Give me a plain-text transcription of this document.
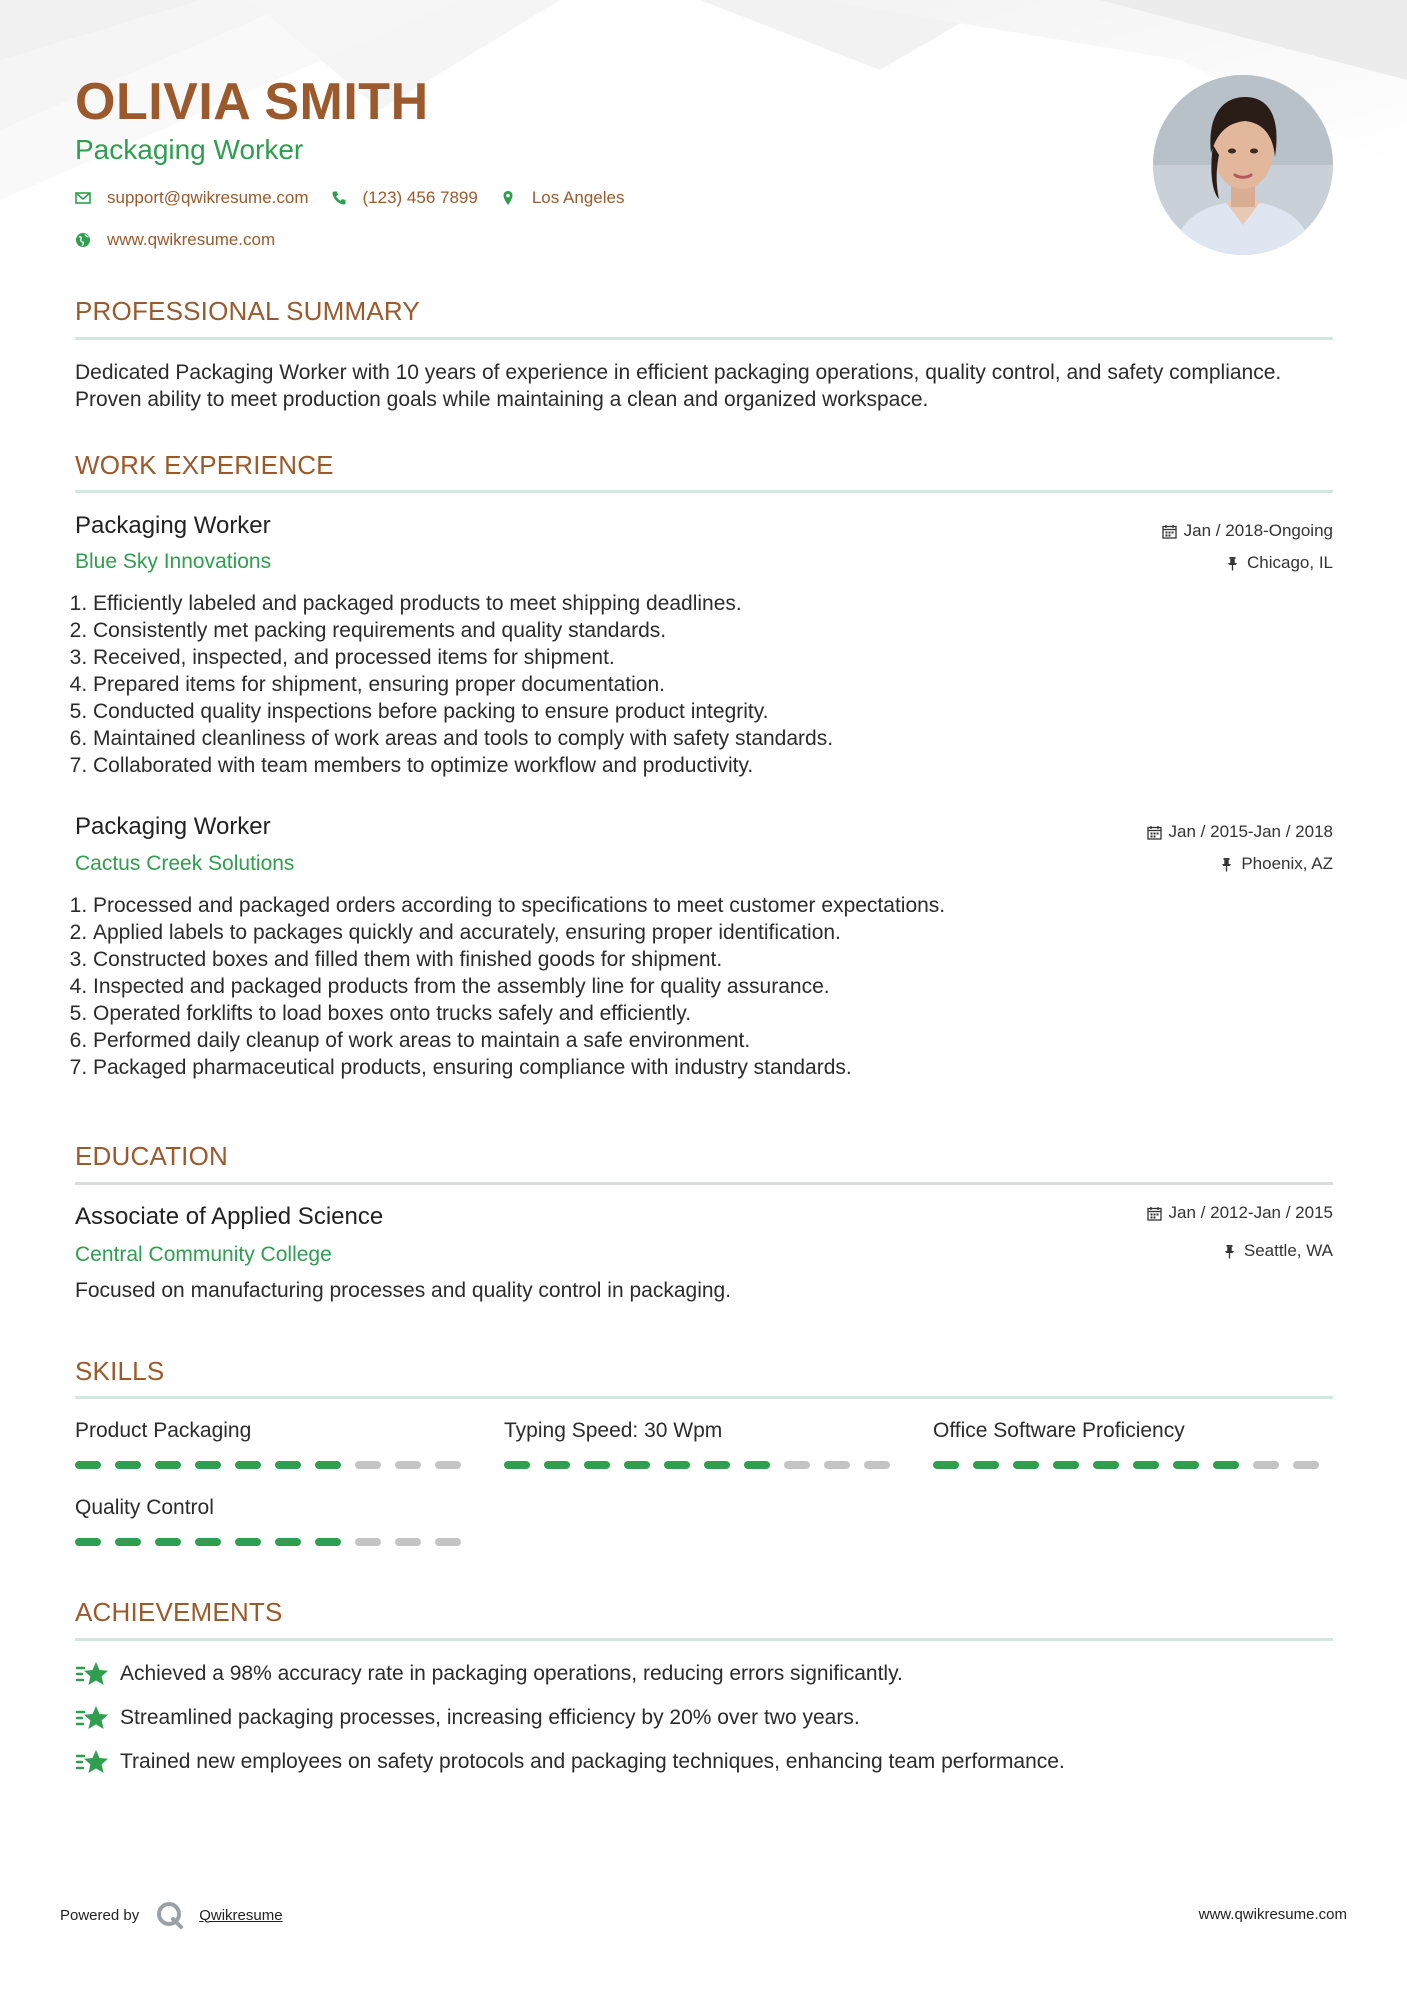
OLIVIA SMITH
Packaging Worker
support@qwikresume.com	(123) 456 7899	Los Angeles
www.qwikresume.com
PROFESSIONAL SUMMARY

Dedicated Packaging Worker with 10 years of experience in efficient packaging operations, quality control, and safety compliance. Proven ability to meet production goals while maintaining a clean and organized workspace.

WORK EXPERIENCE
Packaging Worker
Blue Sky Innovations
Jan / 2018-Ongoing
Chicago, IL
1. Efficiently labeled and packaged products to meet shipping deadlines.
2. Consistently met packing requirements and quality standards.
3. Received, inspected, and processed items for shipment.
4. Prepared items for shipment, ensuring proper documentation.
5. Conducted quality inspections before packing to ensure product integrity.
6. Maintained cleanliness of work areas and tools to comply with safety standards.
7. Collaborated with team members to optimize workflow and productivity.
Packaging Worker
Cactus Creek Solutions
Jan / 2015-Jan / 2018
Phoenix, AZ
1. Processed and packaged orders according to specifications to meet customer expectations.
2. Applied labels to packages quickly and accurately, ensuring proper identification.
3. Constructed boxes and filled them with finished goods for shipment.
4. Inspected and packaged products from the assembly line for quality assurance.
5. Operated forklifts to load boxes onto trucks safely and efficiently.
6. Performed daily cleanup of work areas to maintain a safe environment.
7. Packaged pharmaceutical products, ensuring compliance with industry standards.
EDUCATION
Associate of Applied Science
Central Community College
Jan / 2012-Jan / 2015
Seattle, WA

Focused on manufacturing processes and quality control in packaging.

SKILLS
Product Packaging	Typing Speed: 30 Wpm	Office Software Proficiency
Quality Control
ACHIEVEMENTS
Achieved a 98% accuracy rate in packaging operations, reducing errors significantly.
Streamlined packaging processes, increasing efficiency by 20% over two years.
Trained new employees on safety protocols and packaging techniques, enhancing team performance.
Powered by	Qwikresume	www.qwikresume.com
